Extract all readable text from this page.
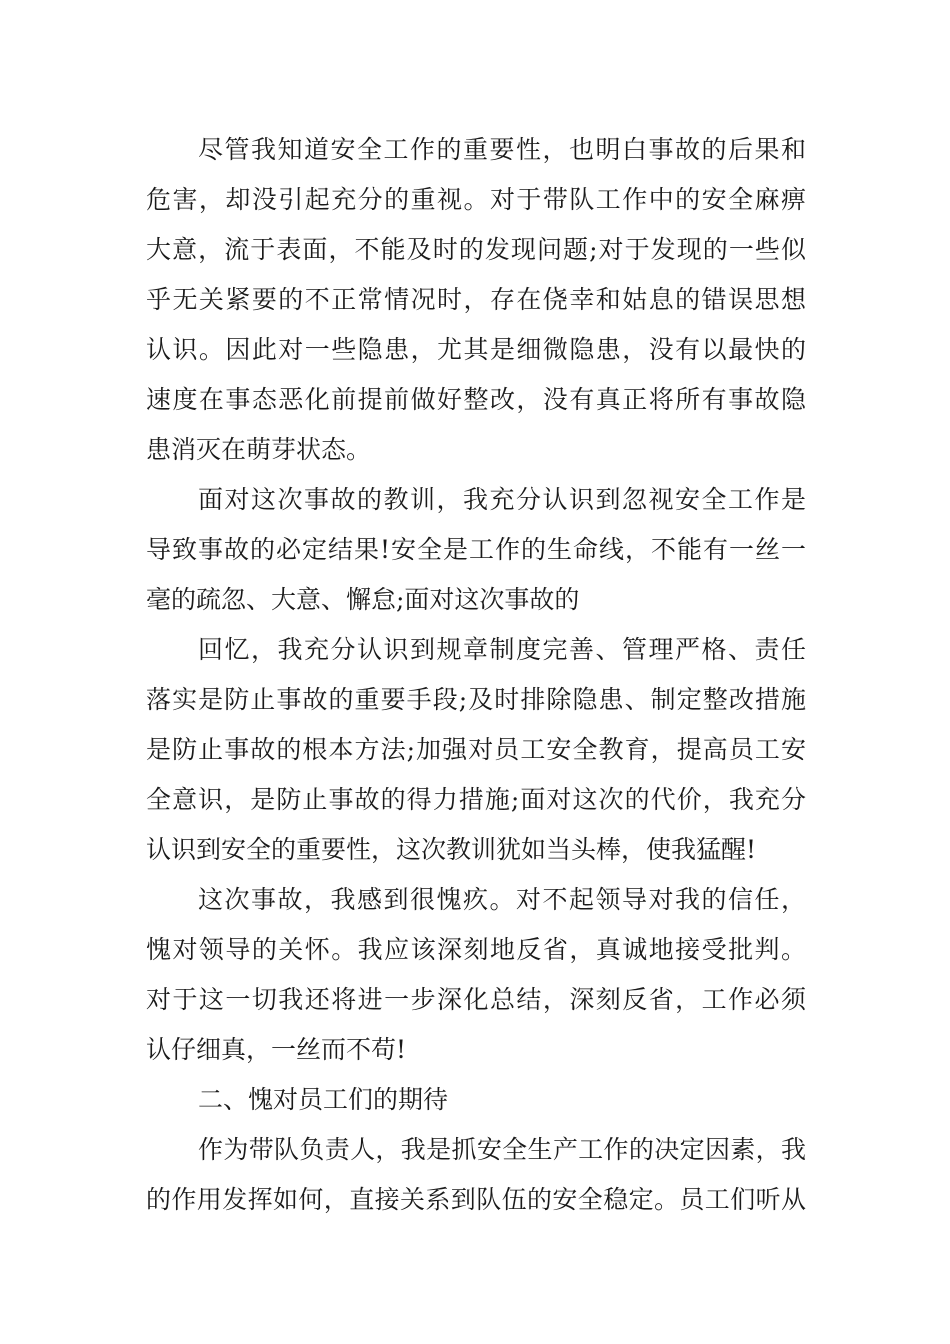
尽管我知道安全工作的重要性，也明白事故的后果和
危害，却没引起充分的重视。对于带队工作中的安全麻痹
大意，流于表面，不能及时的发现问题;对于发现的一些似
乎无关紧要的不正常情况时，存在侥幸和姑息的错误思想
认识。因此对一些隐患，尤其是细微隐患，没有以最快的
速度在事态恶化前提前做好整改，没有真正将所有事故隐
患消灭在萌芽状态。
面对这次事故的教训，我充分认识到忽视安全工作是
导致事故的必定结果!安全是工作的生命线，不能有一丝一
毫的疏忽、大意、懈怠;面对这次事故的
回忆，我充分认识到规章制度完善、管理严格、责任
落实是防止事故的重要手段;及时排除隐患、制定整改措施
是防止事故的根本方法;加强对员工安全教育，提高员工安
全意识，是防止事故的得力措施;面对这次的代价，我充分
认识到安全的重要性，这次教训犹如当头棒，使我猛醒!
这次事故，我感到很愧疚。对不起领导对我的信任，
愧对领导的关怀。我应该深刻地反省，真诚地接受批判。
对于这一切我还将进一步深化总结，深刻反省，工作必须
认仔细真，一丝而不苟!
二、愧对员工们的期待
作为带队负责人，我是抓安全生产工作的决定因素，我
的作用发挥如何，直接关系到队伍的安全稳定。员工们听从
